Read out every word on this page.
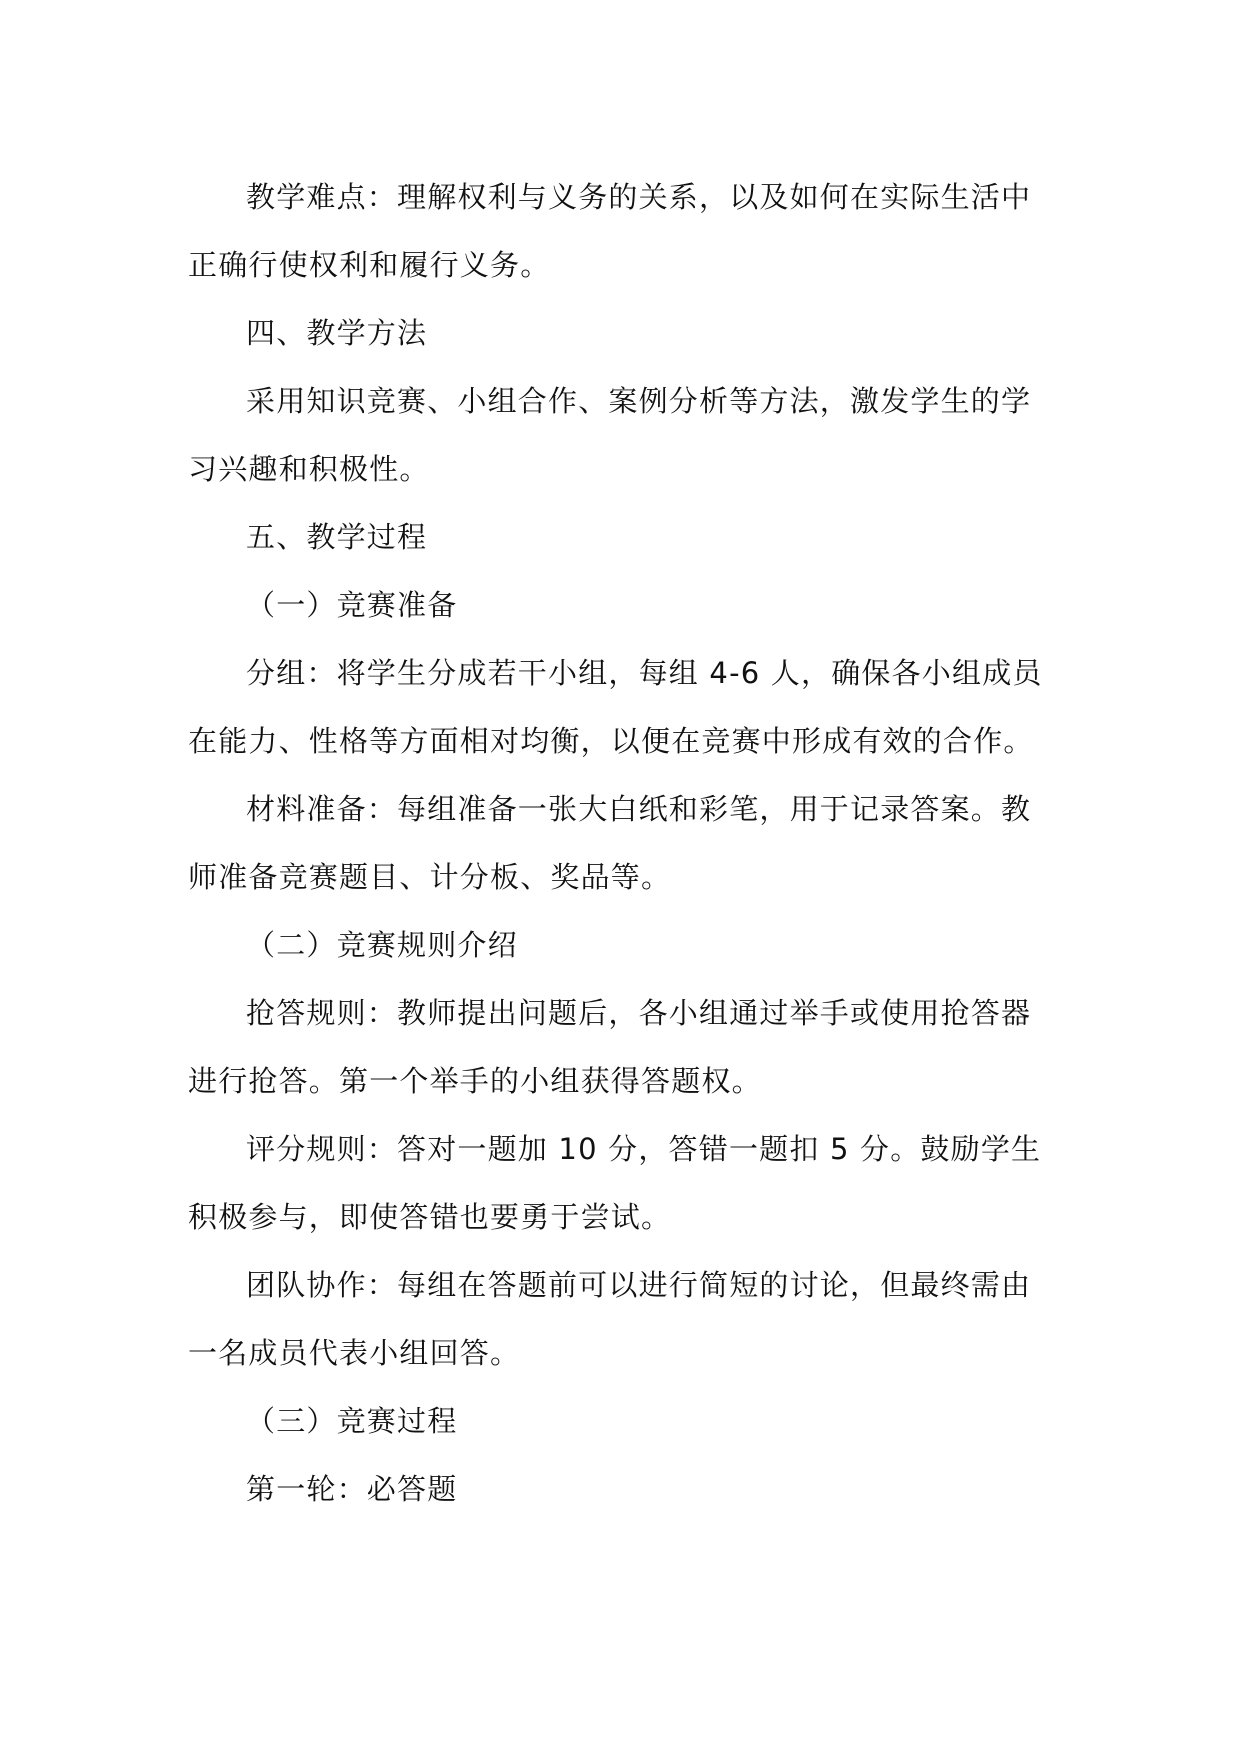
教学难点：理解权利与义务的关系，以及如何在实际生活中正确行使权利和履行义务。

四、教学方法

采用知识竞赛、小组合作、案例分析等方法，激发学生的学习兴趣和积极性。

五、教学过程

（一）竞赛准备

分组：将学生分成若干小组，每组 4-6 人，确保各小组成员在能力、性格等方面相对均衡，以便在竞赛中形成有效的合作。

材料准备：每组准备一张大白纸和彩笔，用于记录答案。教师准备竞赛题目、计分板、奖品等。

（二）竞赛规则介绍

抢答规则：教师提出问题后，各小组通过举手或使用抢答器进行抢答。第一个举手的小组获得答题权。

评分规则：答对一题加 10 分，答错一题扣 5 分。鼓励学生积极参与，即使答错也要勇于尝试。

团队协作：每组在答题前可以进行简短的讨论，但最终需由一名成员代表小组回答。

（三）竞赛过程

第一轮：必答题
